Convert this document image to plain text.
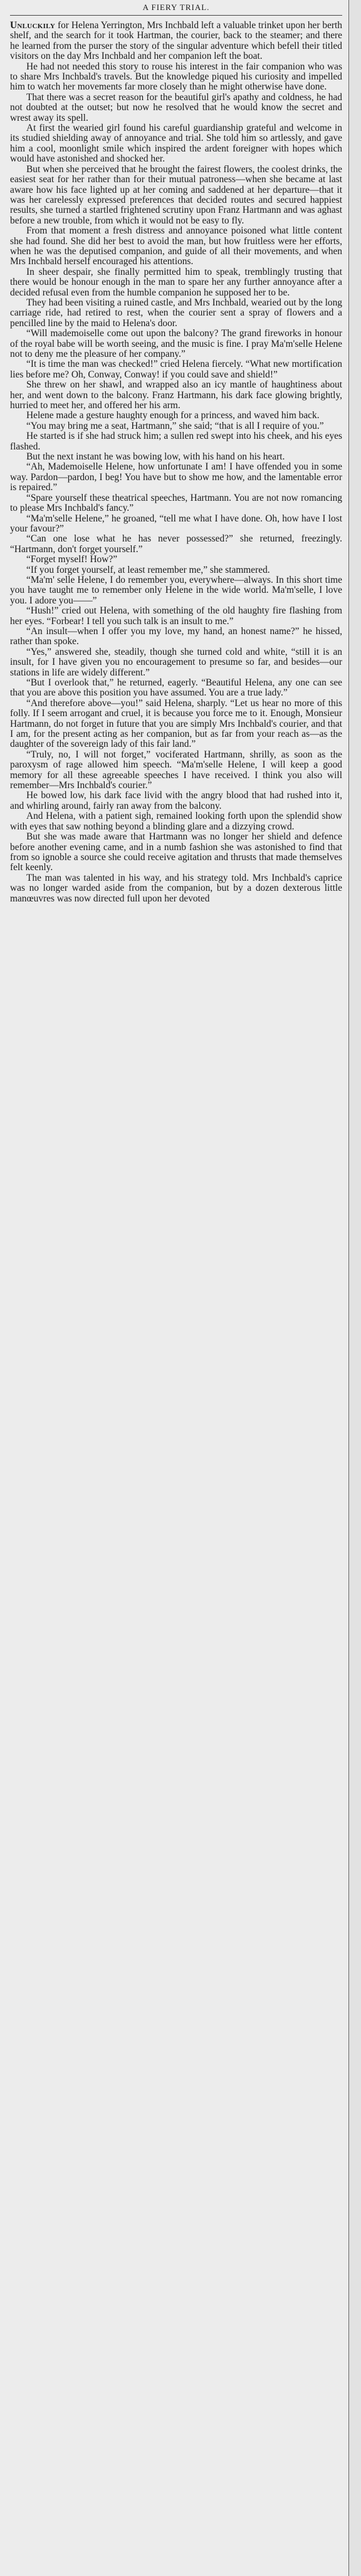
A FIERY TRIAL.

Unluckily for Helena Yerrington, Mrs Inchbald left a valuable trinket upon her berth shelf, and the search for it took Hartman, the courier, back to the steamer; and there he learned from the purser the story of the singular adventure which befell their titled visitors on the day Mrs Inchbald and her companion left the boat.

He had not needed this story to rouse his interest in the fair companion who was to share Mrs Inchbald's travels. But the knowledge piqued his curiosity and impelled him to watch her movements far more closely than he might otherwise have done.

That there was a secret reason for the beautiful girl's apathy and coldness, he had not doubted at the outset; but now he resolved that he would know the secret and wrest away its spell.

At first the wearied girl found his careful guardianship grateful and welcome in its studied shielding away of annoyance and trial. She told him so artlessly, and gave him a cool, moonlight smile which inspired the ardent foreigner with hopes which would have astonished and shocked her.

But when she perceived that he brought the fairest flowers, the coolest drinks, the easiest seat for her rather than for their mutual patroness—when she became at last aware how his face lighted up at her coming and saddened at her departure—that it was her carelessly expressed preferences that decided routes and secured happiest results, she turned a startled frightened scrutiny upon Franz Hartmann and was aghast before a new trouble, from which it would not be easy to fly.

From that moment a fresh distress and annoyance poisoned what little content she had found. She did her best to avoid the man, but how fruitless were her efforts, when he was the deputised companion, and guide of all their movements, and when Mrs Inchbald herself encouraged his attentions.

In sheer despair, she finally permitted him to speak, tremblingly trusting that there would be honour enough in the man to spare her any further annoyance after a decided refusal even from the humble companion he supposed her to be.

They had been visiting a ruined castle, and Mrs Inchbald, wearied out by the long carriage ride, had retired to rest, when the courier sent a spray of flowers and a pencilled line by the maid to Helena's door.

“Will mademoiselle come out upon the balcony? The grand fireworks in honour of the royal babe will be worth seeing, and the music is fine. I pray Ma'm'selle Helene not to deny me the pleasure of her company.”

“It is time the man was checked!” cried Helena fiercely. “What new mortification lies before me? Oh, Conway, Conway! if you could save and shield!”

She threw on her shawl, and wrapped also an icy mantle of haughtiness about her, and went down to the balcony. Franz Hartmann, his dark face glowing brightly, hurried to meet her, and offered her his arm.

Helene made a gesture haughty enough for a princess, and waved him back.

“You may bring me a seat, Hartmann,” she said; “that is all I require of you.”

He started is if she had struck him; a sullen red swept into his cheek, and his eyes flashed.

But the next instant he was bowing low, with his hand on his heart.

“Ah, Mademoiselle Helene, how unfortunate I am! I have offended you in some way. Pardon—pardon, I beg! You have but to show me how, and the lamentable error is repaired.”

“Spare yourself these theatrical speeches, Hartmann. You are not now romancing to please Mrs Inchbald's fancy.”

“Ma'm'selle Helene,” he groaned, “tell me what I have done. Oh, how have I lost your favour?”

“Can one lose what he has never possessed?” she returned, freezingly. “Hartmann, don't forget yourself.”

“Forget myself! How?”

“If you forget yourself, at least remember me,” she stammered.

“Ma'm' selle Helene, I do remember you, everywhere—always. In this short time you have taught me to remember only Helene in the wide world. Ma'm'selle, I love you. I adore you——”

“Hush!” cried out Helena, with something of the old haughty fire flashing from her eyes. “Forbear! I tell you such talk is an insult to me.”

“An insult—when I offer you my love, my hand, an honest name?” he hissed, rather than spoke.

“Yes,” answered she, steadily, though she turned cold and white, “still it is an insult, for I have given you no encouragement to presume so far, and besides—our stations in life are widely different.”

“But I overlook that,” he returned, eagerly. “Beautiful Helena, any one can see that you are above this position you have assumed. You are a true lady.”

“And therefore above—you!” said Helena, sharply. “Let us hear no more of this folly. If I seem arrogant and cruel, it is because you force me to it. Enough, Monsieur Hartmann, do not forget in future that you are simply Mrs Inchbald's courier, and that I am, for the present acting as her companion, but as far from your reach as—as the daughter of the sovereign lady of this fair land.”

“Truly, no, I will not forget,” vociferated Hartmann, shrilly, as soon as the paroxysm of rage allowed him speech. “Ma'm'selle Helene, I will keep a good memory for all these agreeable speeches I have received. I think you also will remember—Mrs Inchbald's courier.”

He bowed low, his dark face livid with the angry blood that had rushed into it, and whirling around, fairly ran away from the balcony.

And Helena, with a patient sigh, remained looking forth upon the splendid show with eyes that saw nothing beyond a blinding glare and a dizzying crowd.

But she was made aware that Hartmann was no longer her shield and defence before another evening came, and in a numb fashion she was astonished to find that from so ignoble a source she could receive agitation and thrusts that made themselves felt keenly.

The man was talented in his way, and his strategy told. Mrs Inchbald's caprice was no longer warded aside from the companion, but by a dozen dexterous little manœuvres was now directed full upon her devoted
